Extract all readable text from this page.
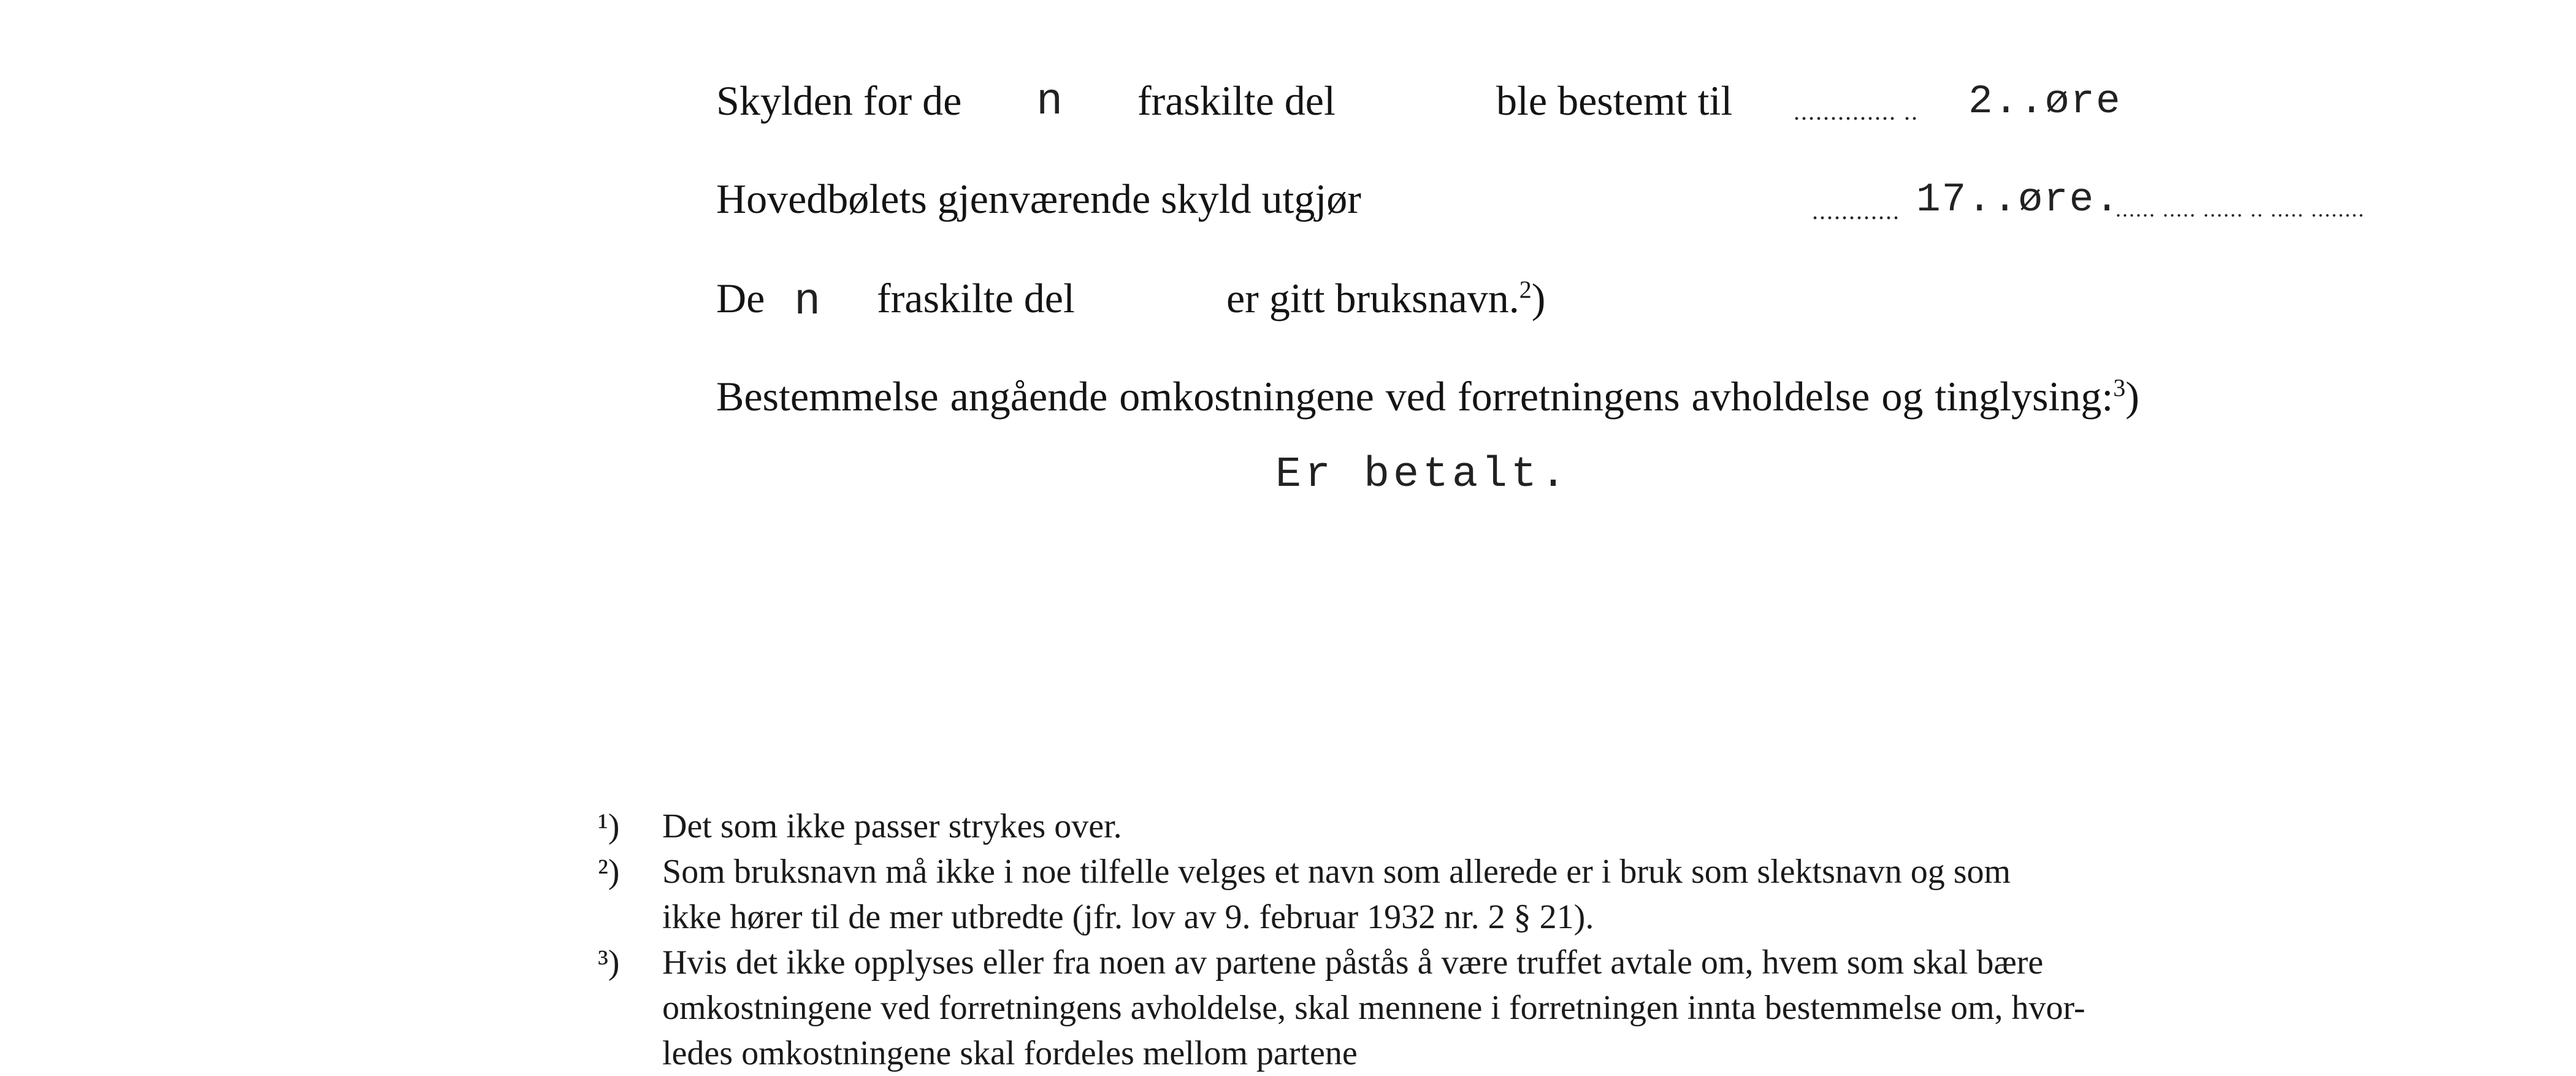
Skylden for de n fraskilte del	ble bestemt til .............. .. 2..øre
Hovedbølets gjenværende skyld utgjør	............ 17..øre.
...... ..... ...... .. ..... ........
De n fraskilte del	er gitt bruksnavn.$^2$)
Bestemmelse angående omkostningene ved forretningens avholdelse og tinglysing:$^3$)
Er betalt.
¹) Det som ikke passer strykes over.

²) Som bruksnavn må ikke i noe tilfelle velges et navn som allerede er i bruk som slektsnavn og som

ikke hører til de mer utbredte (jfr. lov av 9. februar 1932 nr. 2 § 21).

³) Hvis det ikke opplyses eller fra noen av partene påstås å være truffet avtale om, hvem som skal bære

omkostningene ved forretningens avholdelse, skal mennene i forretningen innta bestemmelse om, hvor-

ledes omkostningene skal fordeles mellom partene
